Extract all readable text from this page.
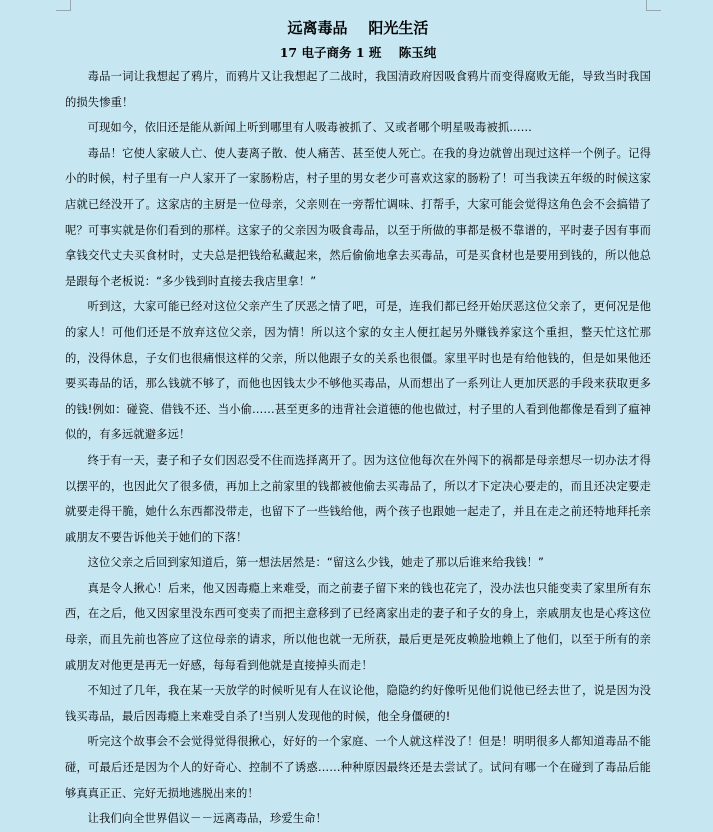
远离毒品    阳光生活
17 电子商务 1 班    陈玉纯

毒品一词让我想起了鸦片，而鸦片又让我想起了二战时，我国清政府因吸食鸦片而变得腐败无能，导致当时我国的损失惨重！

可现如今，依旧还是能从新闻上听到哪里有人吸毒被抓了、又或者哪个明星吸毒被抓……

毒品！它使人家破人亡、使人妻离子散、使人痛苦、甚至使人死亡。在我的身边就曾出现过这样一个例子。记得小的时候，村子里有一户人家开了一家肠粉店，村子里的男女老少可喜欢这家的肠粉了！可当我读五年级的时候这家店就已经没开了。这家店的主厨是一位母亲，父亲则在一旁帮忙调味、打帮手，大家可能会觉得这角色会不会搞错了呢？可事实就是你们看到的那样。这家子的父亲因为吸食毒品，以至于所做的事都是极不靠谱的，平时妻子因有事而拿钱交代丈夫买食材时，丈夫总是把钱给私藏起来，然后偷偷地拿去买毒品，可是买食材也是要用到钱的，所以他总是跟每个老板说：“多少钱到时直接去我店里拿！”

听到这，大家可能已经对这位父亲产生了厌恶之情了吧，可是，连我们都已经开始厌恶这位父亲了，更何况是他的家人！可他们还是不放弃这位父亲，因为情！所以这个家的女主人便扛起另外赚钱养家这个重担，整天忙这忙那的，没得休息，子女们也很痛恨这样的父亲，所以他跟子女的关系也很僵。家里平时也是有给他钱的，但是如果他还要买毒品的话，那么钱就不够了，而他也因钱太少不够他买毒品，从而想出了一系列让人更加厌恶的手段来获取更多的钱!例如：碰瓷、借钱不还、当小偷……甚至更多的违背社会道德的他也做过，村子里的人看到他都像是看到了瘟神似的，有多远就避多远！

终于有一天，妻子和子女们因忍受不住而选择离开了。因为这位他每次在外闯下的祸都是母亲想尽一切办法才得以摆平的，也因此欠了很多债，再加上之前家里的钱都被他偷去买毒品了，所以才下定决心要走的，而且还决定要走就要走得干脆，她什么东西都没带走，也留下了一些钱给他，两个孩子也跟她一起走了，并且在走之前还特地拜托亲戚朋友不要告诉他关于她们的下落！

这位父亲之后回到家知道后，第一想法居然是：“留这么少钱，她走了那以后谁来给我钱！”

真是令人揪心！后来，他又因毒瘾上来难受，而之前妻子留下来的钱也花完了，没办法也只能变卖了家里所有东西，在之后，他又因家里没东西可变卖了而把主意移到了已经离家出走的妻子和子女的身上，亲戚朋友也是心疼这位母亲，而且先前也答应了这位母亲的请求，所以他也就一无所获，最后更是死皮赖脸地赖上了他们，以至于所有的亲戚朋友对他更是再无一好感，每每看到他就是直接掉头而走！

不知过了几年，我在某一天放学的时候听见有人在议论他，隐隐约约好像听见他们说他已经去世了，说是因为没钱买毒品，最后因毒瘾上来难受自杀了!当别人发现他的时候，他全身僵硬的!

听完这个故事会不会觉得觉得很揪心，好好的一个家庭、一个人就这样没了！但是！明明很多人都知道毒品不能碰，可最后还是因为个人的好奇心、控制不了诱惑……种种原因最终还是去尝试了。试问有哪一个在碰到了毒品后能够真真正正、完好无损地逃脱出来的！

让我们向全世界倡议－－远离毒品，珍爱生命！
